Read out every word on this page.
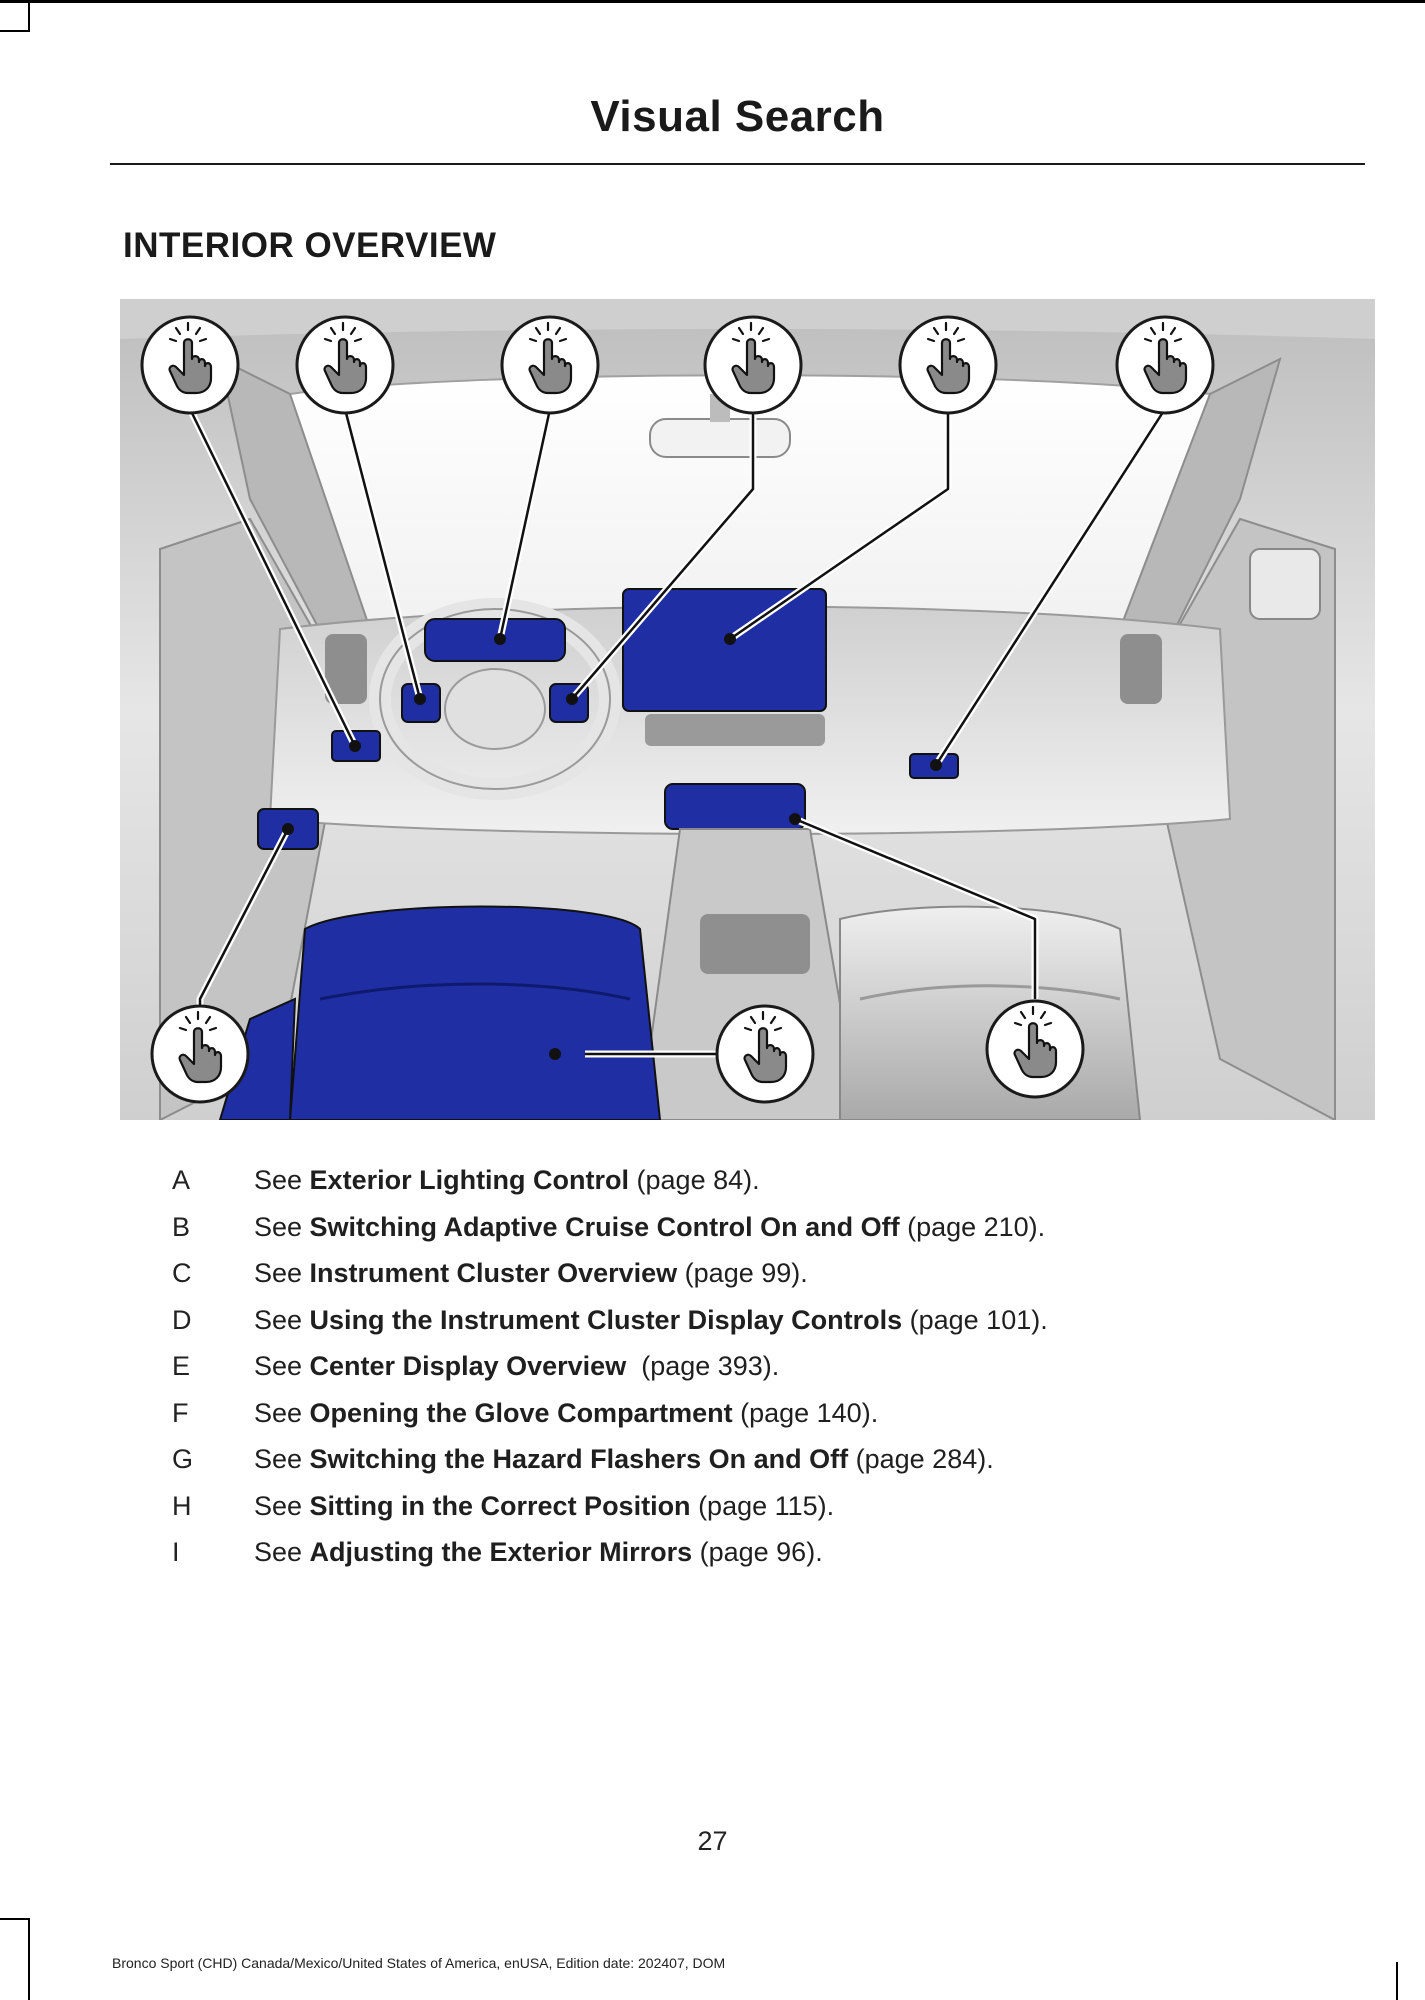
Visual Search
INTERIOR OVERVIEW
A	See Exterior Lighting Control (page 84).
B	See Switching Adaptive Cruise Control On and Off (page 210).
C	See Instrument Cluster Overview (page 99).
D	See Using the Instrument Cluster Display Controls (page 101).
E	See Center Display Overview  (page 393).
F	See Opening the Glove Compartment (page 140).
G	See Switching the Hazard Flashers On and Off (page 284).
H	See Sitting in the Correct Position (page 115).
I	See Adjusting the Exterior Mirrors (page 96).
27
Bronco Sport (CHD) Canada/Mexico/United States of America, enUSA, Edition date: 202407, DOM
